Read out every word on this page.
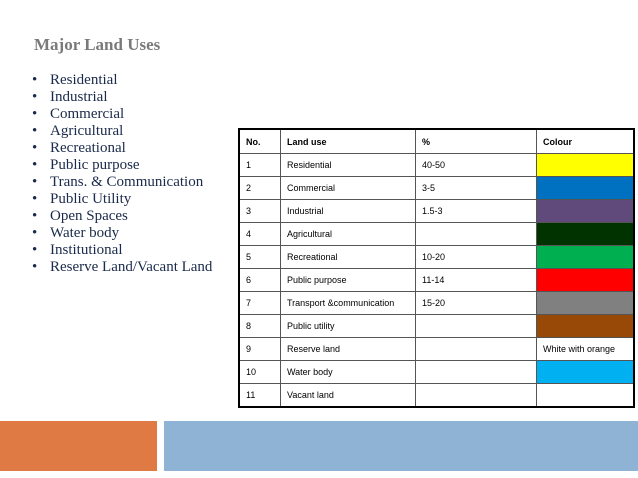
Major Land Uses
• Residential
• Industrial
• Commercial
• Agricultural
• Recreational
• Public purpose
• Trans. & Communication
• Public Utility
• Open Spaces
• Water body
• Institutional
• Reserve Land/Vacant Land
No.	Land use	%	Colour
1	Residential	40-50	
2	Commercial	3-5	
3	Industrial	1.5-3	
4	Agricultural		
5	Recreational	10-20	
6	Public purpose	11-14	
7	Transport &communication	15-20	
8	Public utility		
9	Reserve land		White with orange
10	Water body		
11	Vacant land		
